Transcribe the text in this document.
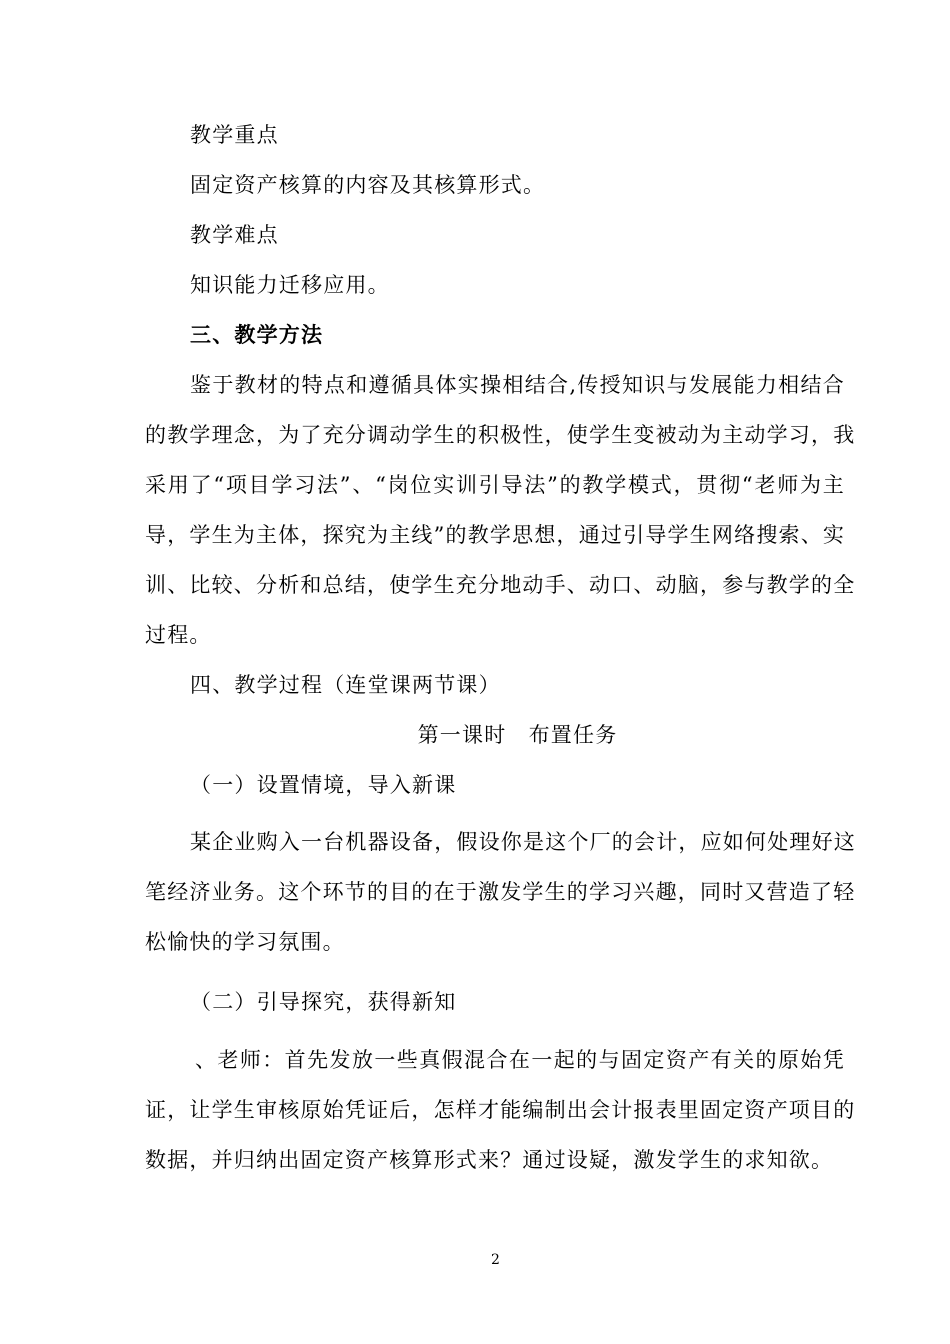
教学重点
固定资产核算的内容及其核算形式。
教学难点
知识能力迁移应用。
三、教学方法
鉴于教材的特点和遵循具体实操相结合,传授知识与发展能力相结合
的教学理念，为了充分调动学生的积极性，使学生变被动为主动学习，我
采用了“项目学习法”、“岗位实训引导法”的教学模式，贯彻“老师为主
导，学生为主体，探究为主线”的教学思想，通过引导学生网络搜索、实
训、比较、分析和总结，使学生充分地动手、动口、动脑，参与教学的全
过程。
四、教学过程（连堂课两节课）
第一课时　布置任务
（一）设置情境，导入新课
某企业购入一台机器设备，假设你是这个厂的会计，应如何处理好这
笔经济业务。这个环节的目的在于激发学生的学习兴趣，同时又营造了轻
松愉快的学习氛围。
（二）引导探究，获得新知
、老师：首先发放一些真假混合在一起的与固定资产有关的原始凭
证，让学生审核原始凭证后，怎样才能编制出会计报表里固定资产项目的
数据，并归纳出固定资产核算形式来？通过设疑，激发学生的求知欲。
2
